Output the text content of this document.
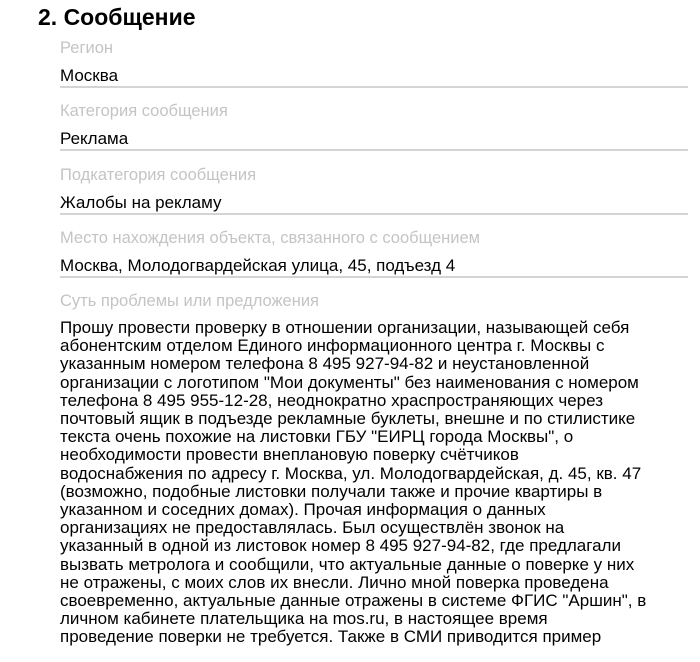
2. Сообщение
Регион
Москва
Категория сообщения
Реклама
Подкатегория сообщения
Жалобы на рекламу
Место нахождения объекта, связанного с сообщением
Москва, Молодогвардейская улица, 45, подъезд 4
Суть проблемы или предложения
Прошу провести проверку в отношении организации, называющей себя
абонентским отделом Единого информационного центра г. Москвы с
указанным номером телефона 8 495 927-94-82 и неустановленной
организации с логотипом "Мои документы" без наименования с номером
телефона 8 495 955-12-28, неоднократно хрaспространяющих через
почтовый ящик в подъезде рекламные буклеты, внешне и по стилистике
текста очень похожие на листовки ГБУ "ЕИРЦ города Москвы", о
необходимости провести внеплановую поверку счётчиков
водоснабжения по адресу г. Москва, ул. Молодогвардейская, д. 45, кв. 47
(возможно, подобные листовки получали также и прочие квартиры в
указанном и соседних домах). Прочая информация о данных
организациях не предоставлялась. Был осуществлён звонок на
указанный в одной из листовок номер 8 495 927-94-82, где предлагали
вызвать метролога и сообщили, что актуальные данные о поверке у них
не отражены, с моих слов их внесли. Лично мной поверка проведена
своевременно, актуальные данные отражены в системе ФГИС "Аршин", в
личном кабинете плательщика на mos.ru, в настоящее время
проведение поверки не требуется. Также в СМИ приводится пример
